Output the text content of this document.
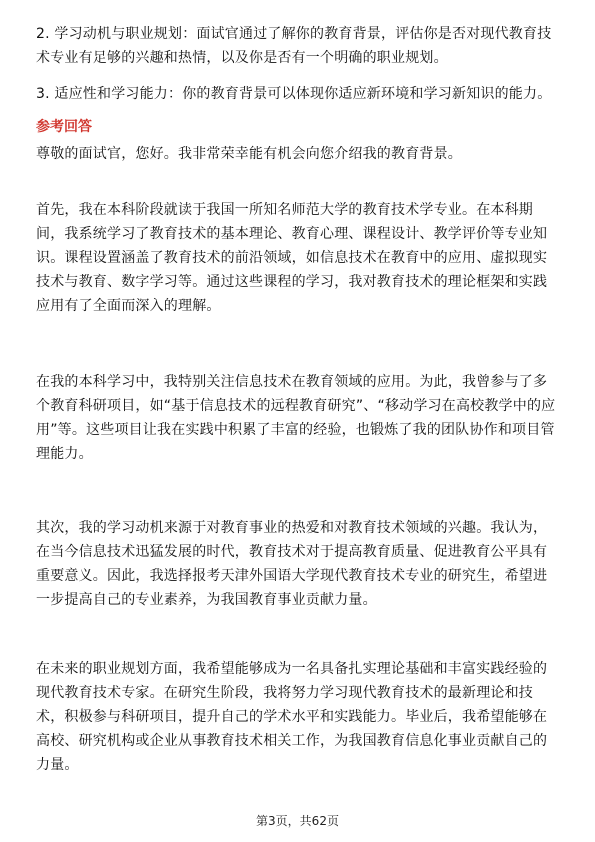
2. 学习动机与职业规划：面试官通过了解你的教育背景，评估你是否对现代教育技
术专业有足够的兴趣和热情，以及你是否有一个明确的职业规划。
3. 适应性和学习能力：你的教育背景可以体现你适应新环境和学习新知识的能力。
参考回答
尊敬的面试官，您好。我非常荣幸能有机会向您介绍我的教育背景。
首先，我在本科阶段就读于我国一所知名师范大学的教育技术学专业。在本科期
间，我系统学习了教育技术的基本理论、教育心理、课程设计、教学评价等专业知
识。课程设置涵盖了教育技术的前沿领域，如信息技术在教育中的应用、虚拟现实
技术与教育、数字学习等。通过这些课程的学习，我对教育技术的理论框架和实践
应用有了全面而深入的理解。
在我的本科学习中，我特别关注信息技术在教育领域的应用。为此，我曾参与了多
个教育科研项目，如“基于信息技术的远程教育研究”、“移动学习在高校教学中的应
用”等。这些项目让我在实践中积累了丰富的经验，也锻炼了我的团队协作和项目管
理能力。
其次，我的学习动机来源于对教育事业的热爱和对教育技术领域的兴趣。我认为，
在当今信息技术迅猛发展的时代，教育技术对于提高教育质量、促进教育公平具有
重要意义。因此，我选择报考天津外国语大学现代教育技术专业的研究生，希望进
一步提高自己的专业素养，为我国教育事业贡献力量。
在未来的职业规划方面，我希望能够成为一名具备扎实理论基础和丰富实践经验的
现代教育技术专家。在研究生阶段，我将努力学习现代教育技术的最新理论和技
术，积极参与科研项目，提升自己的学术水平和实践能力。毕业后，我希望能够在
高校、研究机构或企业从事教育技术相关工作，为我国教育信息化事业贡献自己的
力量。
第3页，共62页
